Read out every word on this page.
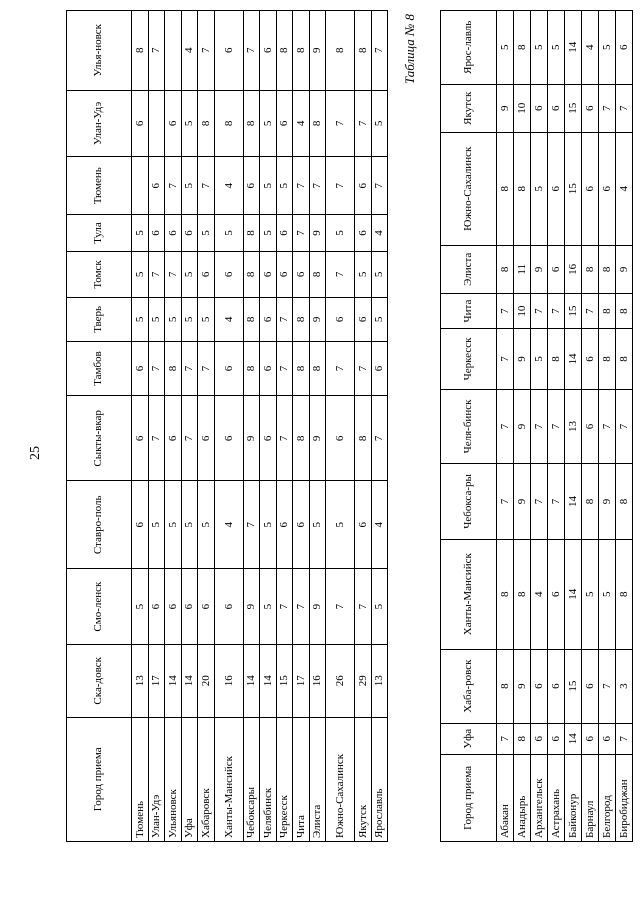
25
Город приема	Ска-довск	Смо-ленск	Ставро-поль	Сыкты-вкар	Тамбов	Тверь	Томск	Тула	Тюмень	Улан-Удэ	Улья-новск
Тюмень	13	5	6	6	6	5	5	5		6	8
Улан-Удэ	17	6	5	7	7	5	7	6	6		7
Ульяновск	14	6	5	6	8	5	7	6	7	6	
Уфа	14	6	5	7	7	5	5	6	5	5	4
Хабаровск	20	6	5	6	7	5	6	5	7	8	7
Ханты-Мансийск	16	6	4	6	6	4	6	5	4	8	6
Чебоксары	14	9	7	9	8	8	8	8	6	8	7
Челябинск	14	5	5	6	6	6	6	5	5	5	6
Черкесск	15	7	6	7	7	7	6	6	5	6	8
Чита	17	7	6	8	8	8	6	7	7	4	8
Элиста	16	9	5	9	8	9	8	9	7	8	9
Южно-Сахалинск	26	7	5	6	7	6	7	5	7	7	8
Якутск	29	7	6	8	7	6	5	6	6	7	8
Ярославль	13	5	4	7	6	5	5	4	7	5	7 Таблица № 8
Город приема	Уфа	Хаба-ровск	Ханты-Мансийск	Чебокса-ры	Челя-бинск	Черкесск	Чита	Элиста	Южно-Сахалинск	Якутск	Ярос-лавль
Абакан	7	8	8	7	7	7	7	8	8	9	5
Анадырь	8	9	8	9	9	9	10	11	8	10	8
Архангельск	6	6	4	7	7	5	7	9	5	6	5
Астрахань	6	6	6	7	7	8	7	6	6	6	5
Байконур	14	15	14	14	13	14	15	16	15	15	14
Барнаул	6	6	5	8	6	6	7	8	6	6	4
Белгород	6	7	5	9	7	8	8	8	6	7	5
Биробиджан	7	3	8	8	7	8	8	9	4	7	6
